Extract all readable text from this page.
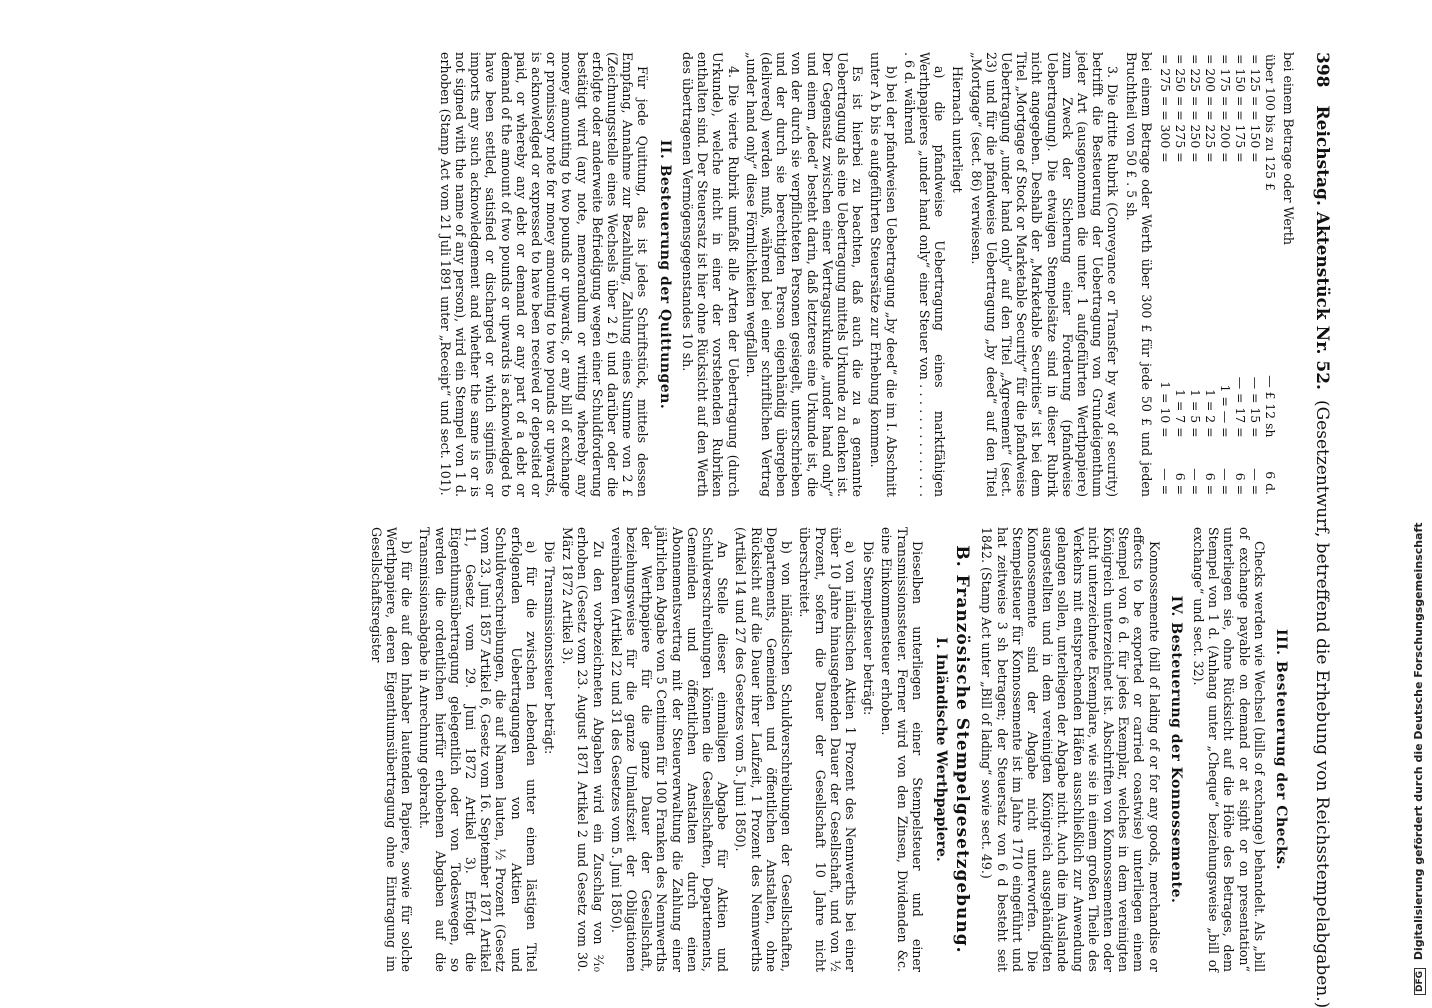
398
Reichstag. Aktenstück Nr. 52.
(Gesetzentwurf, betreffend die Erhebung von Reichsstempelabgaben.)

bei einem Betrage oder Werth

über 100 bis zu 125 £	— £ 12 sh	6 d.
= 125 = = 150 =	— = 15 =	— =
= 150 = = 175 =	— = 17 =	6 =
= 175 = = 200 =	1 = — =	— =
= 200 = = 225 =	1 = 2 =	6 =
= 225 = = 250 =	1 = 5 =	— =
= 250 = = 275 =	1 = 7 =	6 =
= 275 = = 300 =	1 = 10 =	— =

bei einem Betrage oder Werth über 300 £ für jede 50 £ und jeden Bruchtheil von 50 £ . 5 sh.

3. Die dritte Rubrik (Conveyance or Transfer by way of security) betrifft die Besteuerung der Uebertragung von Grundeigenthum jeder Art (ausgenommen die unter 1 aufgeführten Werthpapiere) zum Zweck der Sicherung einer Forderung (pfandweise Uebertragung). Die etwaigen Stempelsätze sind in dieser Rubrik nicht angegeben. Deshalb der „Marketable Securities“ ist bei dem Titel „Mortgage of Stock or Marketable Security“ für die pfandweise Uebertragung „under hand only“ auf den Titel „Agreement“ (sect. 23) und für die pfandweise Uebertragung „by deed“ auf den Titel „Mortgage“ (sect. 86) verwiesen.

Hiernach unterliegt

a) die pfandweise Uebertragung eines marktfähigen Werthpapieres „under hand only“ einer Steuer von . . . . . . . . . . . . . . . 6 d. während

b) bei der pfandweisen Uebertragung „by deed“ die im I. Abschnitt unter A b bis e aufgeführten Steuersätze zur Erhebung kommen.

Es ist hierbei zu beachten, daß auch die zu a genannte Uebertragung als eine Uebertragung mittels Urkunde zu denken ist. Der Gegensatz zwischen einer Vertragsurkunde „under hand only“ und einem „deed“ besteht darin, daß letzteres eine Urkunde ist, die von der durch sie verpflichteten Personen gesiegelt, unterschrieben und der durch sie berechtigten Person eigenhändig übergeben (delivered) werden muß, während bei einer schriftlichen Vertrag „under hand only“ diese Förmlichkeiten wegfallen.

4. Die vierte Rubrik umfaßt alle Arten der Uebertragung (durch Urkunde), welche nicht in einer der vorstehenden Rubriken enthalten sind. Der Steuersatz ist hier ohne Rücksicht auf den Werth des übertragenen Vermögensgegenstandes 10 sh.

II. Besteuerung der Quittungen.

Für jede Quittung, das ist jedes Schriftstück, mittels dessen Empfang, Annahme zur Bezahlung, Zahlung eines Summe von 2 £ (Zeichnungsstelle eines Wechsels über 2 £) und darüber oder die erfolgte oder anderweite Befriedigung wegen einer Schuldforderung bestätigt wird (any note, memorandum or writing whereby any money amounting to two pounds or upwards, or any bill of exchange or promissory note for money amounting to two pounds or upwards, is acknowledged or expressed to have been received or deposited or paid, or whereby any debt or demand or any part of a debt or demand of the amount of two pounds or upwards is acknowledged to have been settled, satisfied or discharged or which signifies or imports any such acknowledgement and whether the same is or is not signed with the name of any person), wird ein Stempel von 1 d. erhoben (Stamp Act vom 21 Juli 1891 unter „Receipt“ und sect. 101).

III. Besteuerung der Checks.

Checks werden wie Wechsel (bills of exchange) behandelt. Als „bill of exchange payable on demand or at sight or on presentation“ unterliegen sie, ohne Rücksicht auf die Höhe des Betrages, dem Stempel von 1 d. (Anhang unter „Cheque“ beziehungsweise „bill of exchange“ und sect. 32).

IV. Besteuerung der Konnossemente.

Konnossemente (bill of lading of or for any goods, merchandise or effects to be exported or carried coastwise) unterliegen einem Stempel von 6 d. für jedes Exemplar, welches in dem vereinigten Königreich unterzeichnet ist. Abschriften von Konnossementen oder nicht unterzeichnete Exemplare, wie sie in einem großen Theile des Verkehrs mit entsprechenden Häfen ausschließlich zur Anwendung gelangen sollen, unterliegen der Abgabe nicht. Auch die im Auslande ausgestellten und in dem vereinigten Königreich ausgehändigten Konnossemente sind der Abgabe nicht unterworfen. Die Stempelsteuer für Konnossemente ist im Jahre 1710 eingeführt und hat zeitweise 3 sh betragen; der Steuersatz von 6 d besteht seit 1842. (Stamp Act unter „Bill of lading“ sowie sect. 49.)

B. Französische Stempelgesetzgebung.
I. Inländische Werthpapiere.

Dieselben unterliegen einer Stempelsteuer und einer Transmissionssteuer. Ferner wird von den Zinsen, Dividenden &c. eine Einkommensteuer erhoben.

Die Stempelsteuer beträgt:

a) von inländischen Aktien 1 Prozent des Nennwerths bei einer über 10 Jahre hinausgehenden Dauer der Gesellschaft, und von ½ Prozent, sofern die Dauer der Gesellschaft 10 Jahre nicht überschreitet.

b) von inländischen Schuldverschreibungen der Gesellschaften, Departements, Gemeinden und öffentlichen Anstalten, ohne Rücksicht auf die Dauer ihrer Laufzeit, 1 Prozent des Nennwerths (Artikel 14 und 27 des Gesetzes vom 5. Juni 1850).

An Stelle dieser einmaligen Abgabe für Aktien und Schuldverschreibungen können die Gesellschaften, Departements, Gemeinden und öffentlichen Anstalten durch einen Abonnementsvertrag mit der Steuerverwaltung die Zahlung einer jährlichen Abgabe von 5 Centimen für 100 Franken des Nennwerths der Werthpapiere für die ganze Dauer der Gesellschaft, beziehungsweise für die ganze Umlaufszeit der Obligationen vereinbaren (Artikel 22 und 31 des Gesetzes vom 5. Juni 1850).

Zu den vorbezeichneten Abgaben wird ein Zuschlag von ²⁄₁₀ erhoben (Gesetz vom 23. August 1871 Artikel 2 und Gesetz vom 30. März 1872 Artikel 3).

Die Transmissionssteuer beträgt:

a) für die zwischen Lebenden unter einem lästigen Titel erfolgenden Uebertragungen von Aktien und Schuldverschreibungen, die auf Namen lauten, ½ Prozent (Gesetz vom 23. Juni 1857 Artikel 6, Gesetz vom 16. September 1871 Artikel 11, Gesetz vom 29. Juni 1872 Artikel 3). Erfolgt die Eigenthumsübertragung gelegentlich oder von Todeswegen, so werden die ordentlichen hierfür erhobenen Abgaben auf die Transmissionsabgabe in Anrechnung gebracht.

b) für die auf den Inhaber lautenden Papiere, sowie für solche Werthpapiere, deren Eigenthumsübertragung ohne Eintragung im Gesellschaftsregister

DFG Digitalisierung gefördert durch die Deutsche Forschungsgemeinschaft
